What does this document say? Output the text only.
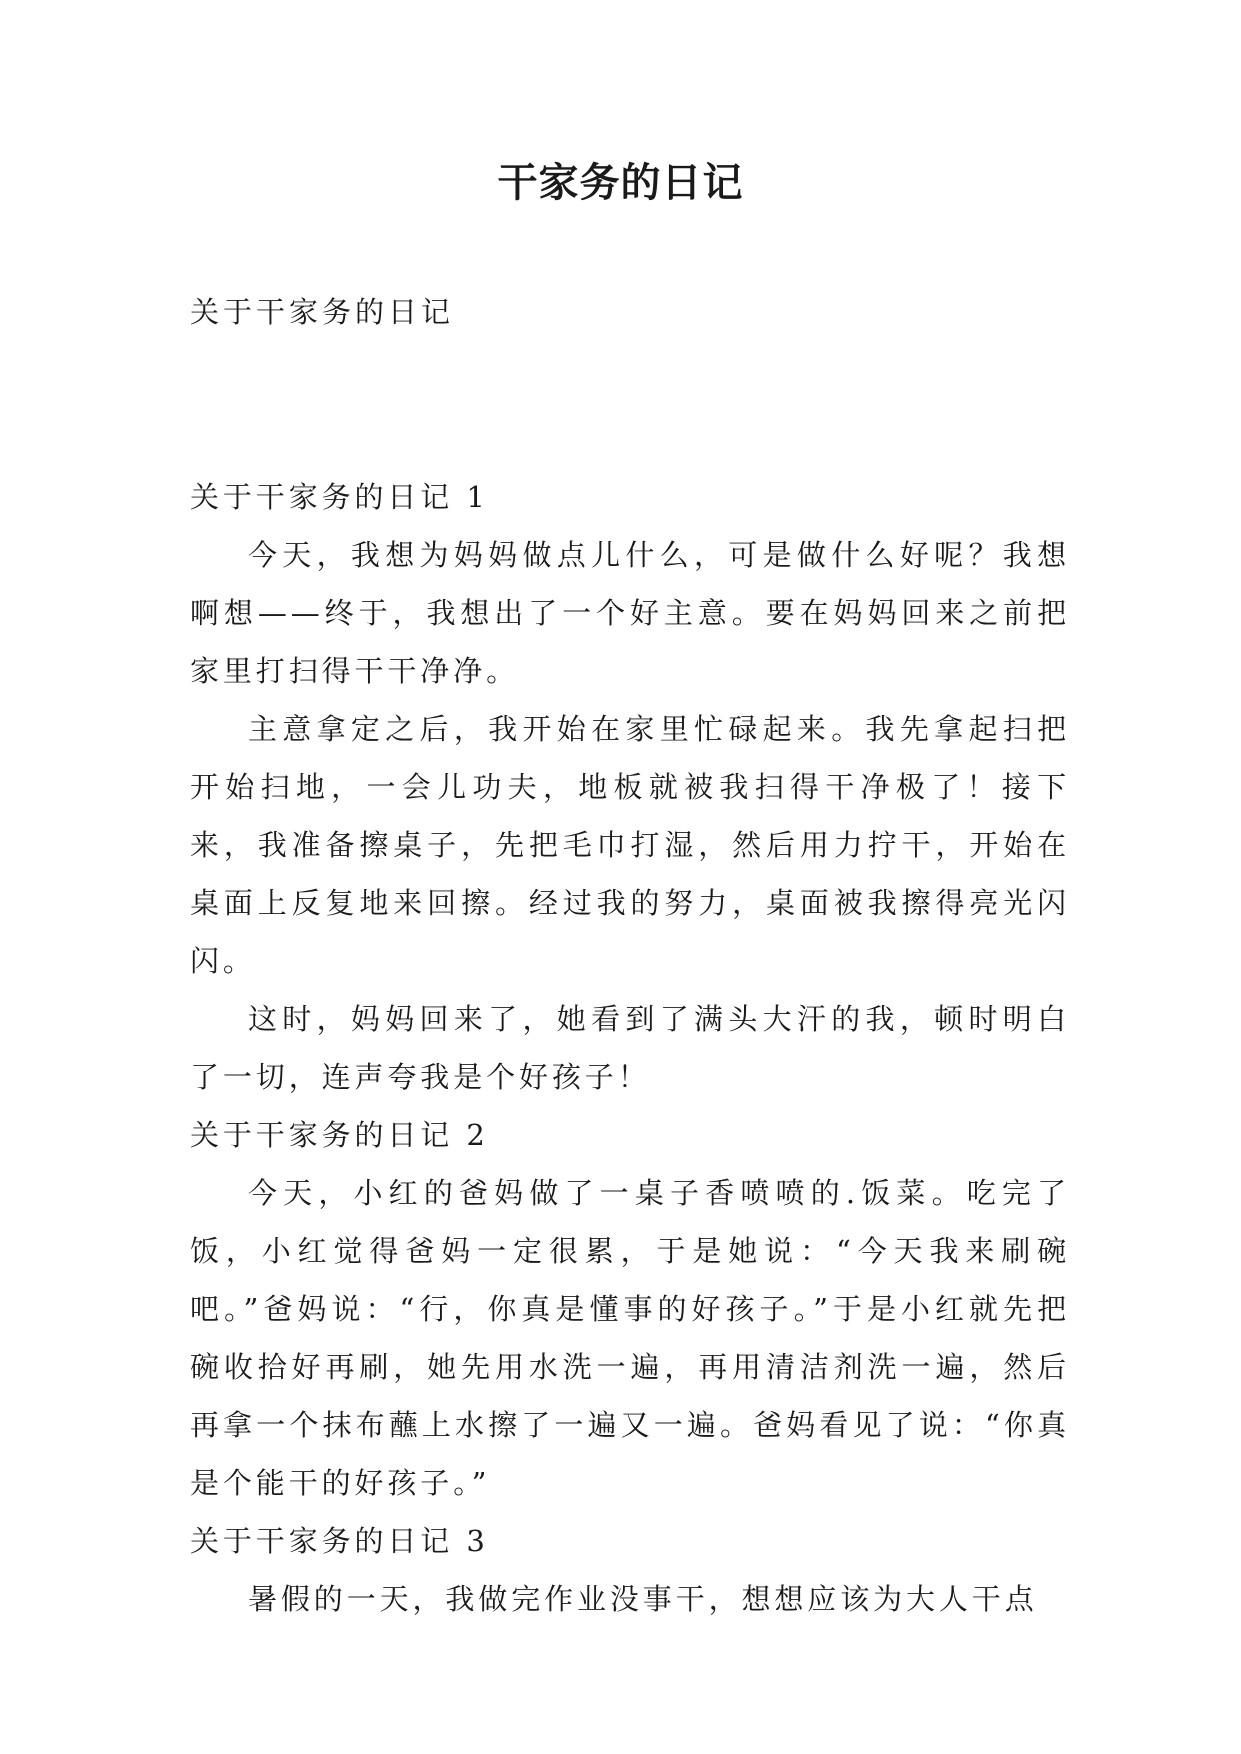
干家务的日记
关于干家务的日记

关于干家务的日记 1

今天，我想为妈妈做点儿什么，可是做什么好呢？我想啊想——终于，我想出了一个好主意。要在妈妈回来之前把家里打扫得干干净净。

主意拿定之后，我开始在家里忙碌起来。我先拿起扫把开始扫地，一会儿功夫，地板就被我扫得干净极了！接下来，我准备擦桌子，先把毛巾打湿，然后用力拧干，开始在桌面上反复地来回擦。经过我的努力，桌面被我擦得亮光闪闪。

这时，妈妈回来了，她看到了满头大汗的我，顿时明白了一切，连声夸我是个好孩子！

关于干家务的日记 2

今天，小红的爸妈做了一桌子香喷喷的.饭菜。吃完了饭，小红觉得爸妈一定很累，于是她说：“今天我来刷碗吧。”爸妈说：“行，你真是懂事的好孩子。”于是小红就先把碗收拾好再刷，她先用水洗一遍，再用清洁剂洗一遍，然后再拿一个抹布蘸上水擦了一遍又一遍。爸妈看见了说：“你真是个能干的好孩子。”

关于干家务的日记 3

暑假的一天，我做完作业没事干，想想应该为大人干点
